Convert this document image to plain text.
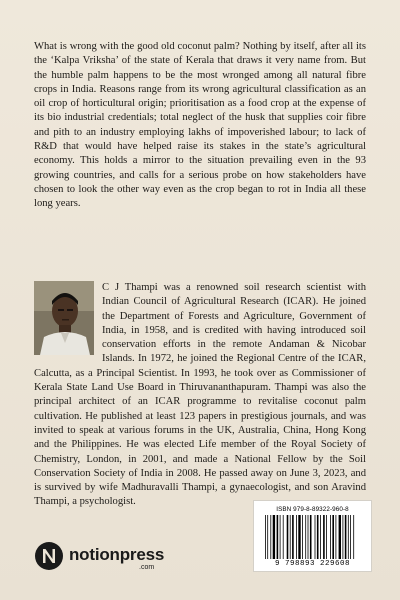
What is wrong with the good old coconut palm? Nothing by itself, after all its the ‘Kalpa Vriksha’ of the state of Kerala that draws it very name from. But the humble palm happens to be the most wronged among all natural fibre crops in India. Reasons range from its wrong agricultural classification as an oil crop of horticultural origin; prioritisation as a food crop at the expense of its bio industrial credentials; total neglect of the husk that supplies coir fibre and pith to an industry employing lakhs of impoverished labour; to lack of R&D that would have helped raise its stakes in the state’s agricultural economy. This holds a mirror to the situation prevailing even in the 93 growing countries, and calls for a serious probe on how stakeholders have chosen to look the other way even as the crop began to rot in India all these long years.

C J Thampi was a renowned soil research scientist with Indian Council of Agricultural Research (ICAR). He joined the Department of Forests and Agriculture, Government of India, in 1958, and is credited with having introduced soil conservation efforts in the remote Andaman & Nicobar Islands. In 1972, he joined the Regional Centre of the ICAR, Calcutta, as a Principal Scientist. In 1993, he took over as Commissioner of Kerala State Land Use Board in Thiruvananthapuram. Thampi was also the principal architect of an ICAR programme to revitalise coconut palm cultivation. He published at least 123 papers in prestigious journals, and was invited to speak at various forums in the UK, Australia, China, Hong Kong and the Philippines. He was elected Life member of the Royal Society of Chemistry, London, in 2001, and made a National Fellow by the Soil Conservation Society of India in 2008. He passed away on June 3, 2023, and is survived by wife Madhuravalli Thampi, a gynaecologist, and son Aravind Thampi, a psychologist.

ISBN 979-8-89322-960-8
9 798893 229608
notionpress
.com
